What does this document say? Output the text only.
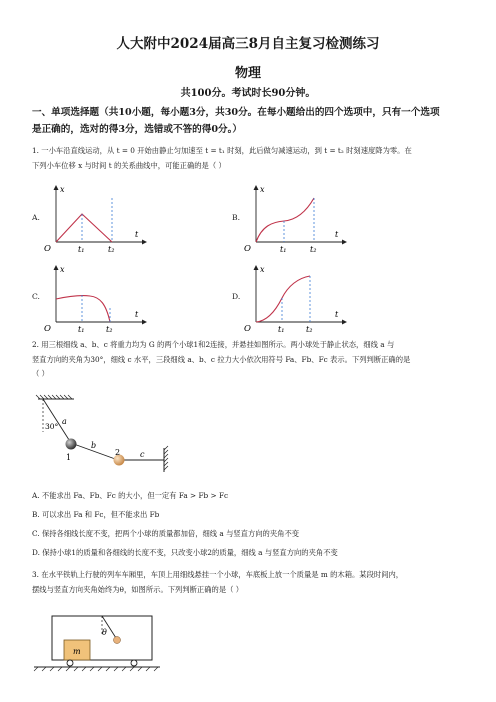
人大附中2024届高三8月自主复习检测练习
物理
共100分。考试时长90分钟。
一、单项选择题（共10小题，每小题3分，共30分。在每小题给出的四个选项中，只有一个选项
是正确的，选对的得3分，选错或不答的得0分。）
1. 一小车沿直线运动，从 t = 0 开始由静止匀加速至 t = t₁ 时刻，此后做匀减速运动，到 t = t₂ 时刻速度降为零。在
下列小车位移 x 与时间 t 的关系曲线中，可能正确的是（ ）
A.	B.
C.	D.
x
t
O	t₁	t₂
x
t
O	t₁	t₂
x
t
O	t₁	t₂
x
t
O	t₁	t₂
2. 用三根细线 a、b、c 将重力均为 G 的两个小球1和2连接，并悬挂如图所示。两小球处于静止状态，细线 a 与
竖直方向的夹角为30°，细线 c 水平，三段细线 a、b、c 拉力大小依次用符号 Fa、Fb、Fc 表示。下列判断正确的是
（ ）
30°
a
b
c
1
2
A. 不能求出 Fa、Fb、Fc 的大小，但一定有 Fa > Fb > Fc
B. 可以求出 Fa 和 Fc，但不能求出 Fb
C. 保持各细线长度不变，把两个小球的质量都加倍，细线 a 与竖直方向的夹角不变
D. 保持小球1的质量和各细线的长度不变，只改变小球2的质量，细线 a 与竖直方向的夹角不变
3. 在水平铁轨上行驶的列车车厢里，车顶上用细线悬挂一个小球，车底板上放一个质量是 m 的木箱。某段时间内，
摆线与竖直方向夹角始终为θ，如图所示。下列判断正确的是（ ）
θ
m
